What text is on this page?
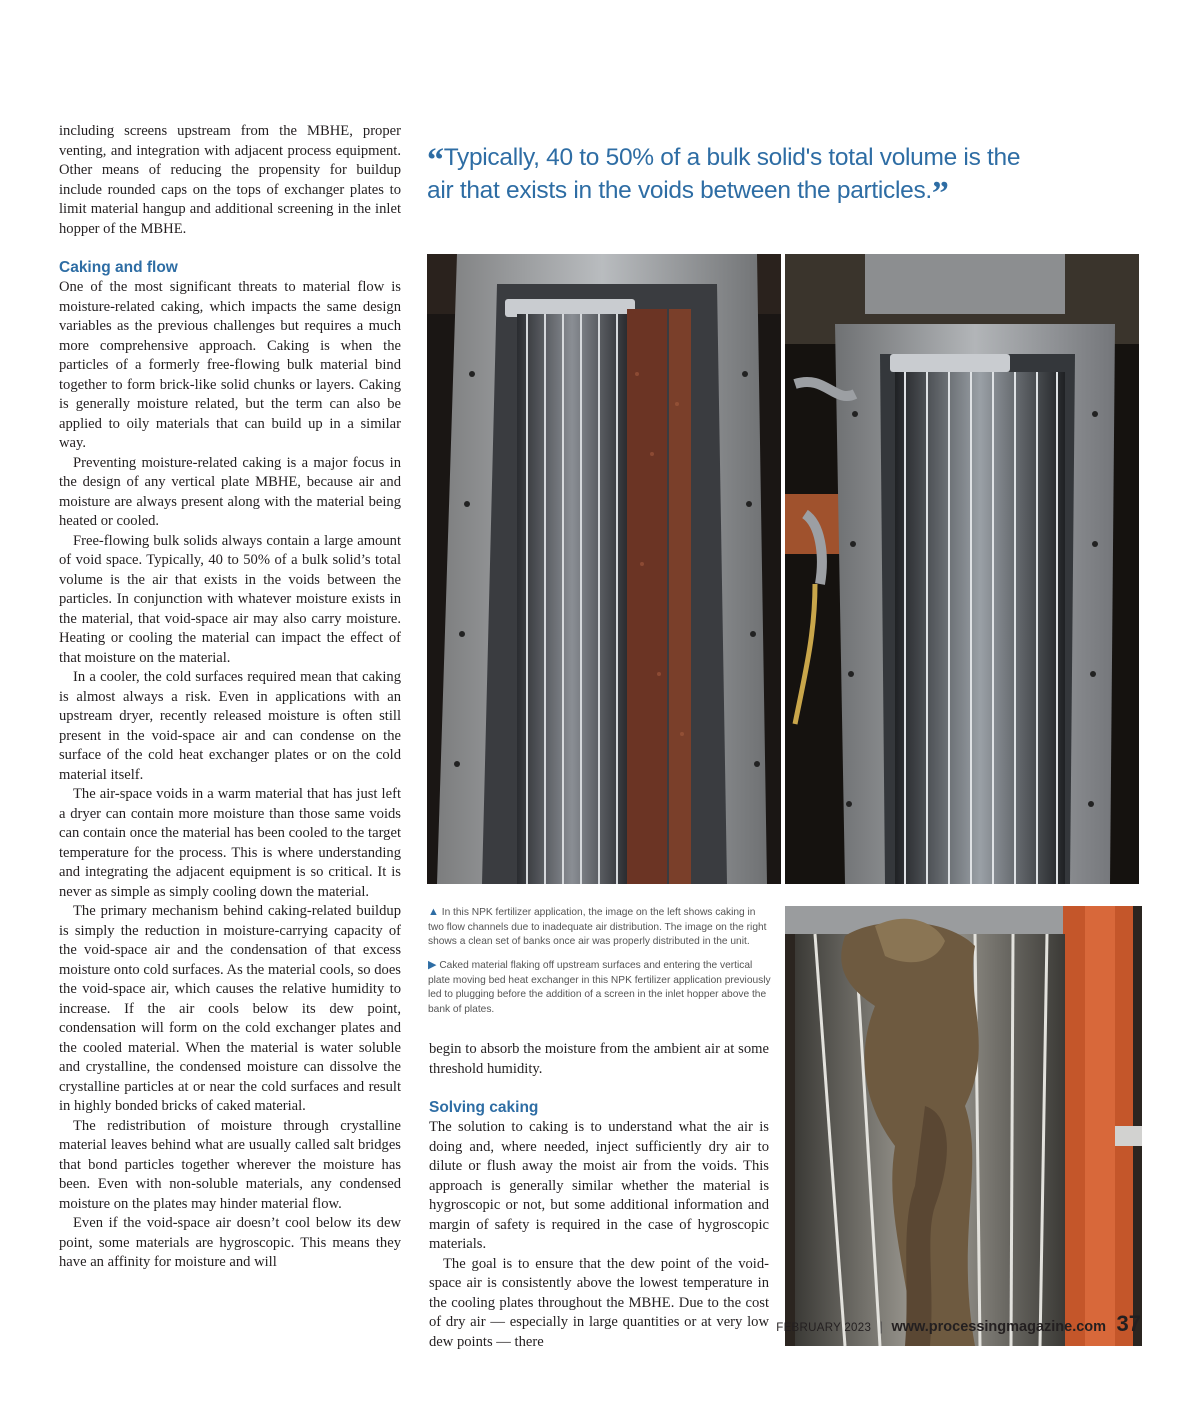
including screens upstream from the MBHE, proper venting, and integration with adjacent process equipment. Other means of reducing the propensity for buildup include rounded caps on the tops of exchanger plates to limit material hangup and additional screening in the inlet hopper of the MBHE.

Caking and flow

One of the most significant threats to material flow is moisture-related caking, which impacts the same design variables as the previous challenges but requires a much more comprehensive approach. Caking is when the particles of a formerly free-flowing bulk material bind together to form brick-like solid chunks or layers. Caking is generally moisture related, but the term can also be applied to oily materials that can build up in a similar way.

Preventing moisture-related caking is a major focus in the design of any vertical plate MBHE, because air and moisture are always present along with the material being heated or cooled.

Free-flowing bulk solids always contain a large amount of void space. Typically, 40 to 50% of a bulk solid’s total volume is the air that exists in the voids between the particles. In conjunction with whatever moisture exists in the material, that void-space air may also carry moisture. Heating or cooling the material can impact the effect of that moisture on the material.

In a cooler, the cold surfaces required mean that caking is almost always a risk. Even in applications with an upstream dryer, recently released moisture is often still present in the void-space air and can condense on the surface of the cold heat exchanger plates or on the cold material itself.

The air-space voids in a warm material that has just left a dryer can contain more moisture than those same voids can contain once the material has been cooled to the target temperature for the process. This is where understanding and integrating the adjacent equipment is so critical. It is never as simple as simply cooling down the material.

The primary mechanism behind caking-related buildup is simply the reduction in moisture-carrying capacity of the void-space air and the condensation of that excess moisture onto cold surfaces. As the material cools, so does the void-space air, which causes the relative humidity to increase. If the air cools below its dew point, condensation will form on the cold exchanger plates and the cooled material. When the material is water soluble and crystalline, the condensed moisture can dissolve the crystalline particles at or near the cold surfaces and result in highly bonded bricks of caked material.

The redistribution of moisture through crystalline material leaves behind what are usually called salt bridges that bond particles together wherever the moisture has been. Even with non-soluble materials, any condensed moisture on the plates may hinder material flow.

Even if the void-space air doesn’t cool below its dew point, some materials are hygroscopic. This means they have an affinity for moisture and will

“Typically, 40 to 50% of a bulk solid's total volume is the air that exists in the voids between the particles.”
▲ In this NPK fertilizer application, the image on the left shows caking in two flow channels due to inadequate air distribution. The image on the right shows a clean set of banks once air was properly distributed in the unit.
▶ Caked material flaking off upstream surfaces and entering the vertical plate moving bed heat exchanger in this NPK fertilizer application previously led to plugging before the addition of a screen in the inlet hopper above the bank of plates.

begin to absorb the moisture from the ambient air at some threshold humidity.

Solving caking

The solution to caking is to understand what the air is doing and, where needed, inject sufficiently dry air to dilute or flush away the moist air from the voids. This approach is generally similar whether the material is hygroscopic or not, but some additional information and margin of safety is required in the case of hygroscopic materials.

The goal is to ensure that the dew point of the void-space air is consistently above the lowest temperature in the cooling plates throughout the MBHE. Due to the cost of dry air — especially in large quantities or at very low dew points — there

FEBRUARY 2023 | www.processingmagazine.com 37
